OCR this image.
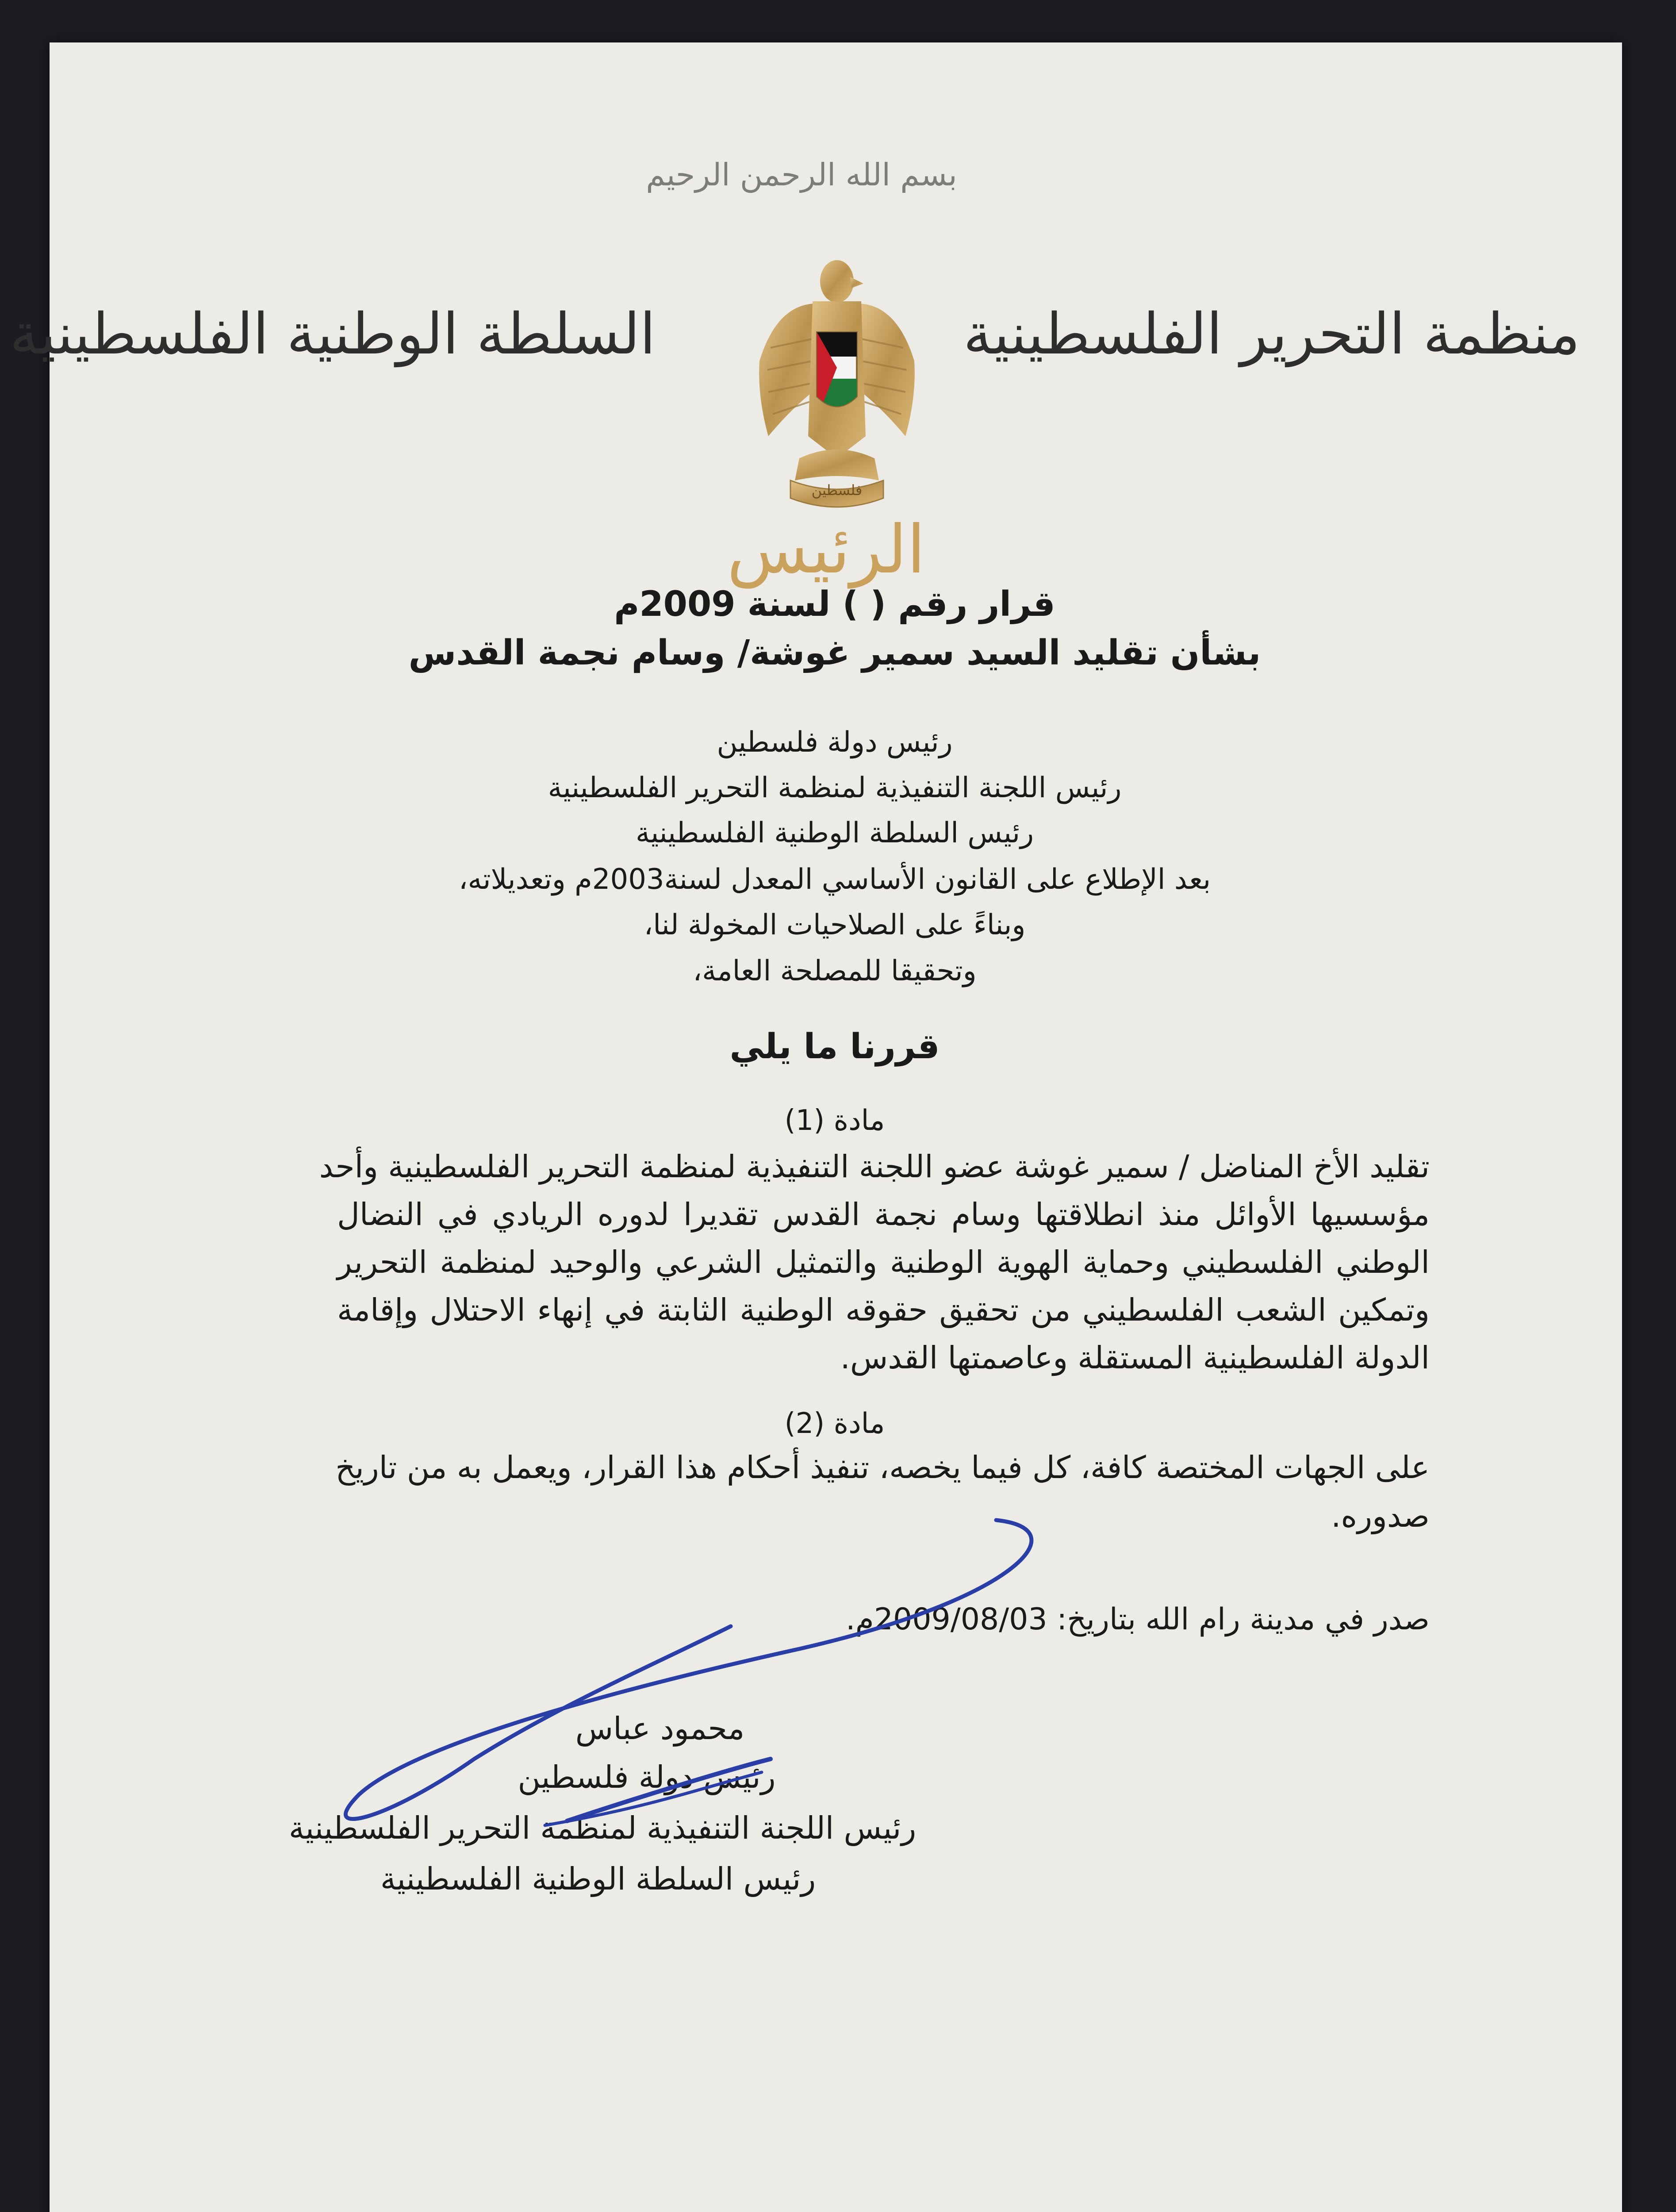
بسم الله الرحمن الرحيم
منظمة التحرير الفلسطينية
السلطة الوطنية الفلسطينية
فلسطين
الرئيس
قرار رقم ( ) لسنة 2009م
بشأن تقليد السيد سمير غوشة/ وسام نجمة القدس
رئيس دولة فلسطين
رئيس اللجنة التنفيذية لمنظمة التحرير الفلسطينية
رئيس السلطة الوطنية الفلسطينية
بعد الإطلاع على القانون الأساسي المعدل لسنة2003م وتعديلاته،
وبناءً على الصلاحيات المخولة لنا،
وتحقيقا للمصلحة العامة،
قررنا ما يلي
مادة (1)
تقليد الأخ المناضل / سمير غوشة عضو اللجنة التنفيذية لمنظمة التحرير الفلسطينية وأحد
مؤسسيها الأوائل منذ انطلاقتها وسام نجمة القدس تقديرا لدوره الريادي في النضال
الوطني الفلسطيني وحماية الهوية الوطنية والتمثيل الشرعي والوحيد لمنظمة التحرير
وتمكين الشعب الفلسطيني من تحقيق حقوقه الوطنية الثابتة في إنهاء الاحتلال وإقامة
الدولة الفلسطينية المستقلة وعاصمتها القدس.
مادة (2)
على الجهات المختصة كافة، كل فيما يخصه، تنفيذ أحكام هذا القرار، ويعمل به من تاريخ
صدوره.
صدر في مدينة رام الله بتاريخ: 2009/08/03م.
محمود عباس
رئيس دولة فلسطين
رئيس اللجنة التنفيذية لمنظمة التحرير الفلسطينية
رئيس السلطة الوطنية الفلسطينية
